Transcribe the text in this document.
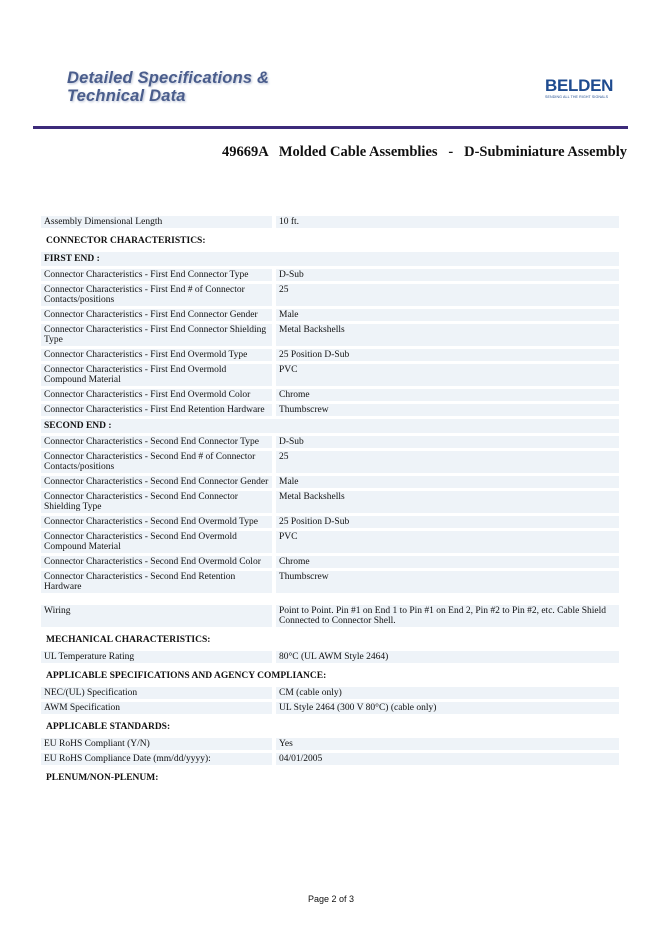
Detailed Specifications &
Technical Data
BELDEN
SENDING ALL THE RIGHT SIGNALS
49669A   Molded Cable Assemblies   -   D-Subminiature Assembly
Assembly Dimensional Length		10 ft.
CONNECTOR CHARACTERISTICS:		
FIRST END :		
Connector Characteristics - First End Connector Type		D-Sub
Connector Characteristics - First End # of Connector Contacts/positions		25
Connector Characteristics - First End Connector Gender		Male
Connector Characteristics - First End Connector Shielding Type		Metal Backshells
Connector Characteristics - First End Overmold Type		25 Position D-Sub
Connector Characteristics - First End Overmold Compound Material		PVC
Connector Characteristics - First End Overmold Color		Chrome
Connector Characteristics - First End Retention Hardware		Thumbscrew
SECOND END :		
Connector Characteristics - Second End Connector Type		D-Sub
Connector Characteristics - Second End # of Connector Contacts/positions		25
Connector Characteristics - Second End Connector Gender		Male
Connector Characteristics - Second End Connector Shielding Type		Metal Backshells
Connector Characteristics - Second End Overmold Type		25 Position D-Sub
Connector Characteristics - Second End Overmold Compound Material		PVC
Connector Characteristics - Second End Overmold Color		Chrome
Connector Characteristics - Second End Retention Hardware		Thumbscrew

Wiring		Point to Point. Pin #1 on End 1 to Pin #1 on End 2, Pin #2 to Pin #2, etc. Cable Shield Connected to Connector Shell.
MECHANICAL CHARACTERISTICS:		
UL Temperature Rating		80°C (UL AWM Style 2464)
APPLICABLE SPECIFICATIONS AND AGENCY COMPLIANCE:		
NEC/(UL) Specification		CM (cable only)
AWM Specification		UL Style 2464 (300 V 80°C) (cable only)
APPLICABLE STANDARDS:		
EU RoHS Compliant (Y/N)		Yes
EU RoHS Compliance Date (mm/dd/yyyy):		04/01/2005
PLENUM/NON-PLENUM:		
Page 2 of 3
